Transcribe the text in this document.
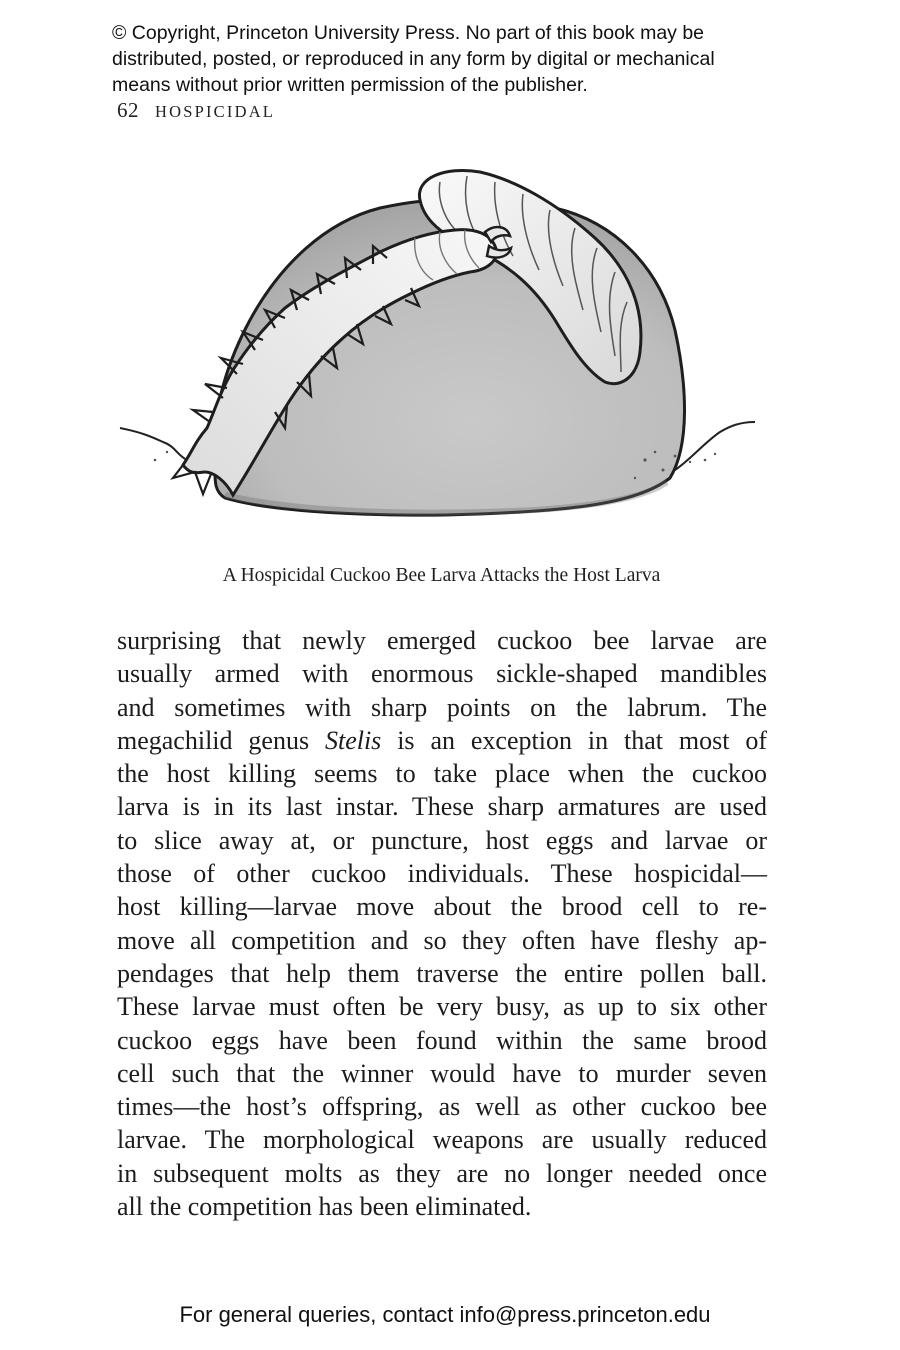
© Copyright, Princeton University Press. No part of this book may be
distributed, posted, or reproduced in any form by digital or mechanical
means without prior written permission of the publisher.
62 HOSPICIDAL
A Hospicidal Cuckoo Bee Larva Attacks the Host Larva
surprising that newly emerged cuckoo bee larvae are
usually armed with enormous sickle-shaped mandibles
and sometimes with sharp points on the labrum. The
megachilid genus Stelis is an exception in that most of
the host killing seems to take place when the cuckoo
larva is in its last instar. These sharp armatures are used
to slice away at, or puncture, host eggs and larvae or
those of other cuckoo individuals. These hospicidal—
host killing—larvae move about the brood cell to re-
move all competition and so they often have fleshy ap-
pendages that help them traverse the entire pollen ball.
These larvae must often be very busy, as up to six other
cuckoo eggs have been found within the same brood
cell such that the winner would have to murder seven
times—the host’s offspring, as well as other cuckoo bee
larvae. The morphological weapons are usually reduced
in subsequent molts as they are no longer needed once
all the competition has been eliminated.
For general queries, contact info@press.princeton.edu
